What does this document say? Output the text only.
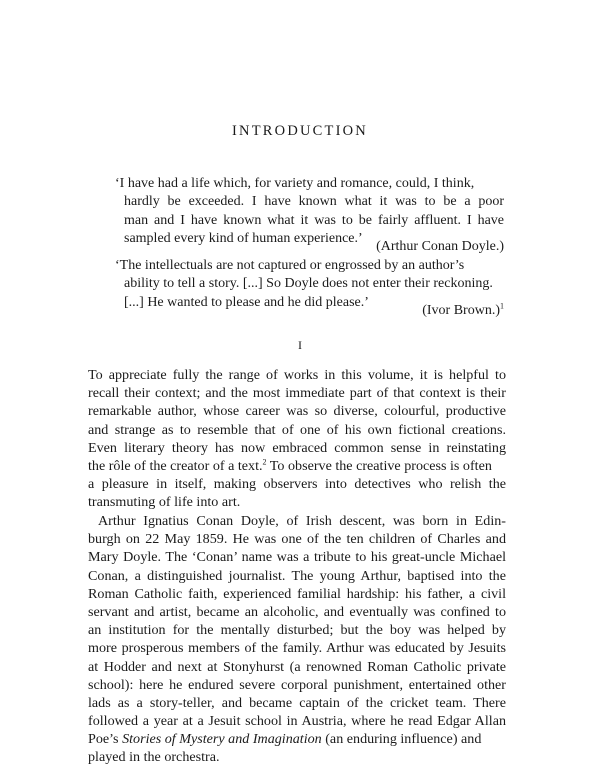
INTRODUCTION
‘I have had a life which, for variety and romance, could, I think,
hardly be exceeded. I have known what it was to be a poor
man and I have known what it was to be fairly affluent. I have
sampled every kind of human experience.’
(Arthur Conan Doyle.)
‘The intellectuals are not captured or engrossed by an author’s
ability to tell a story. [...] So Doyle does not enter their reckoning.
[...] He wanted to please and he did please.’
(Ivor Brown.)$^1$
I
To appreciate fully the range of works in this volume, it is helpful to
recall their context; and the most immediate part of that context is their
remarkable author, whose career was so diverse, colourful, productive
and strange as to resemble that of one of his own fictional creations.
Even literary theory has now embraced common sense in reinstating
the rôle of the creator of a text.$^2$ To observe the creative process is often
a pleasure in itself, making observers into detectives who relish the
transmuting of life into art.
Arthur Ignatius Conan Doyle, of Irish descent, was born in Edin-
burgh on 22 May 1859. He was one of the ten children of Charles and
Mary Doyle. The ‘Conan’ name was a tribute to his great-uncle Michael
Conan, a distinguished journalist. The young Arthur, baptised into the
Roman Catholic faith, experienced familial hardship: his father, a civil
servant and artist, became an alcoholic, and eventually was confined to
an institution for the mentally disturbed; but the boy was helped by
more prosperous members of the family. Arthur was educated by Jesuits
at Hodder and next at Stonyhurst (a renowned Roman Catholic private
school): here he endured severe corporal punishment, entertained other
lads as a story-teller, and became captain of the cricket team. There
followed a year at a Jesuit school in Austria, where he read Edgar Allan
Poe’s Stories of Mystery and Imagination (an enduring influence) and
played in the orchestra.
